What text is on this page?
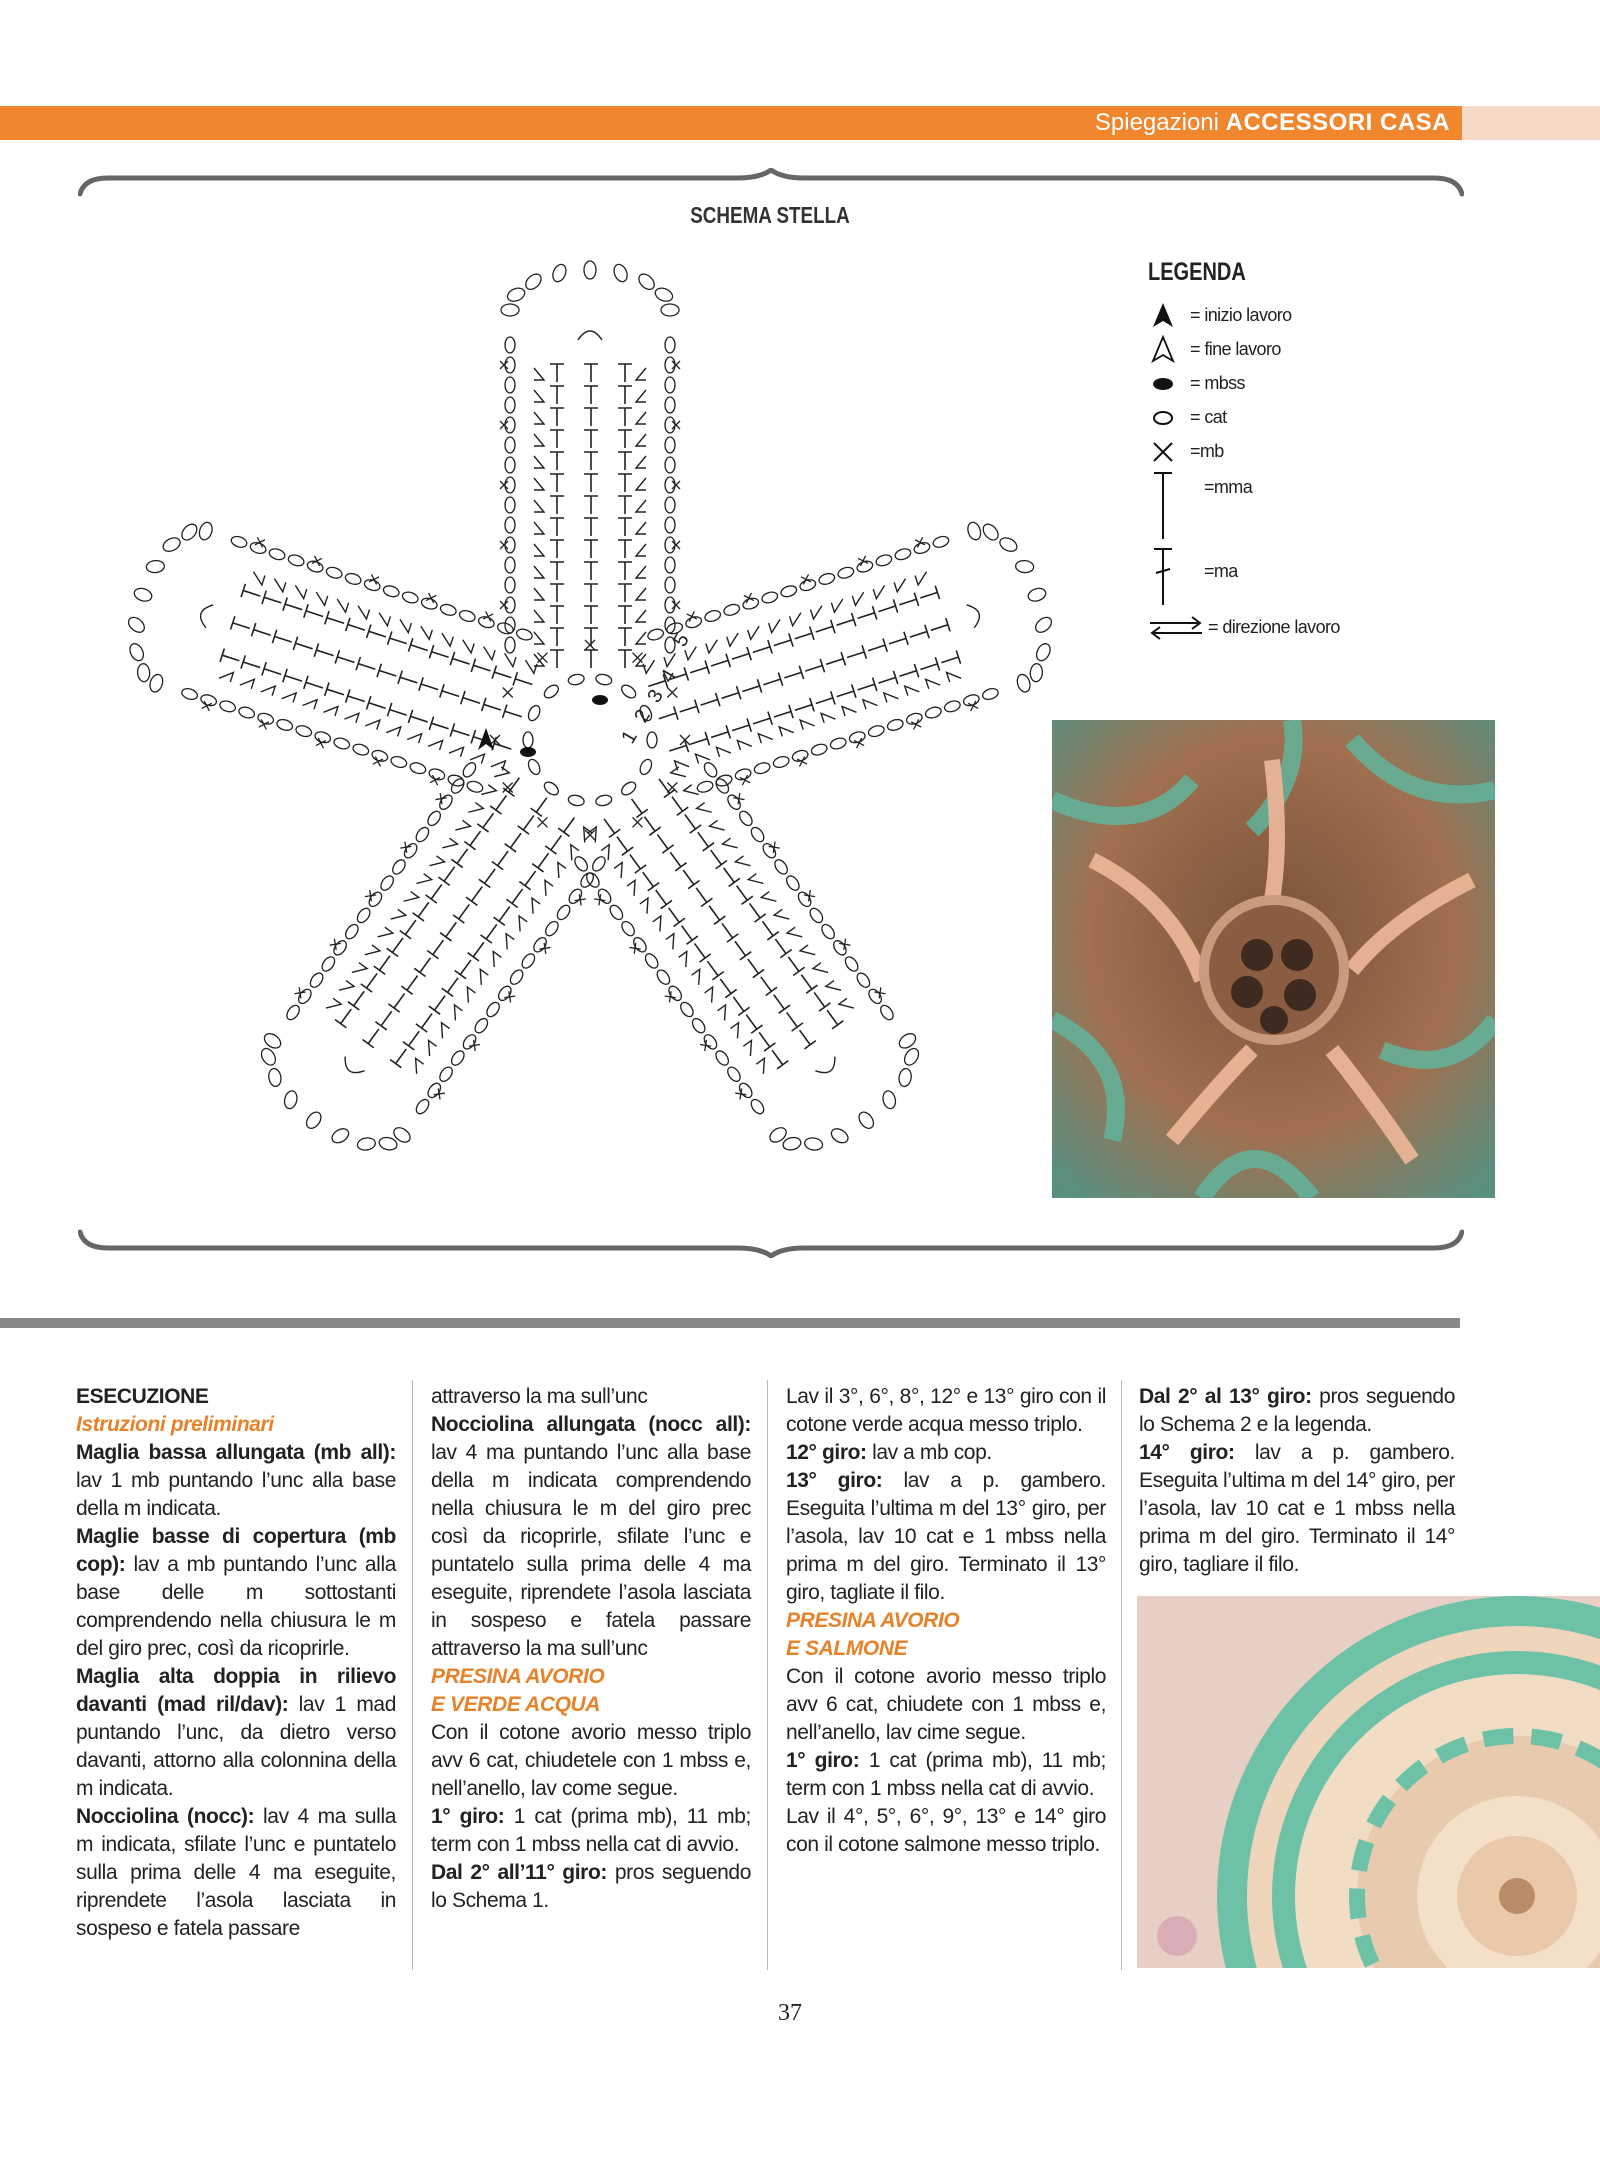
Spiegazioni ACCESSORI CASA
SCHEMA STELLA
1
2
3
4
5
LEGENDA
= inizio lavoro
= fine lavoro
= mbss
= cat
=mb
=mma
=ma
= direzione lavoro

ESECUZIONE

Istruzioni preliminari

Maglia bassa allungata (mb all): lav 1 mb puntando l’unc alla base della m indicata.

Maglie basse di copertura (mb cop): lav a mb puntando l’unc alla base delle m sottostanti comprendendo nella chiusura le m del giro prec, così da ricoprirle.

Maglia alta doppia in rilievo davanti (mad ril/dav): lav 1 mad puntando l’unc, da dietro verso davanti, attorno alla colonnina della m indicata.

Nocciolina (nocc): lav 4 ma sulla m indicata, sfilate l’unc e puntatelo sulla prima delle 4 ma eseguite, riprendete l’asola lasciata in sospeso e fatela passare

attraverso la ma sull’unc

Nocciolina allungata (nocc all): lav 4 ma puntando l’unc alla base della m indicata comprendendo nella chiusura le m del giro prec così da ricoprirle, sfilate l’unc e puntatelo sulla prima delle 4 ma eseguite, riprendete l’asola lasciata in sospeso e fatela passare attraverso la ma sull’unc

PRESINA AVORIO

E VERDE ACQUA

Con il cotone avorio messo triplo avv 6 cat, chiudetele con 1 mbss e, nell’anello, lav come segue.

1° giro: 1 cat (prima mb), 11 mb; term con 1 mbss nella cat di avvio.

Dal 2° all’11° giro: pros seguendo lo Schema 1.

Lav il 3°, 6°, 8°, 12° e 13° giro con il cotone verde acqua messo triplo.

12° giro: lav a mb cop.

13° giro: lav a p. gambero. Eseguita l’ultima m del 13° giro, per l’asola, lav 10 cat e 1 mbss nella prima m del giro. Terminato il 13° giro, tagliate il filo.

PRESINA AVORIO

E SALMONE

Con il cotone avorio messo triplo avv 6 cat, chiudete con 1 mbss e, nell’anello, lav cime segue.

1° giro: 1 cat (prima mb), 11 mb; term con 1 mbss nella cat di avvio.

Lav il 4°, 5°, 6°, 9°, 13° e 14° giro con il cotone salmone messo triplo.

Dal 2° al 13° giro: pros seguendo lo Schema 2 e la legenda.

14° giro: lav a p. gambero. Eseguita l’ultima m del 14° giro, per l’asola, lav 10 cat e 1 mbss nella prima m del giro. Terminato il 14° giro, tagliare il filo.

37
